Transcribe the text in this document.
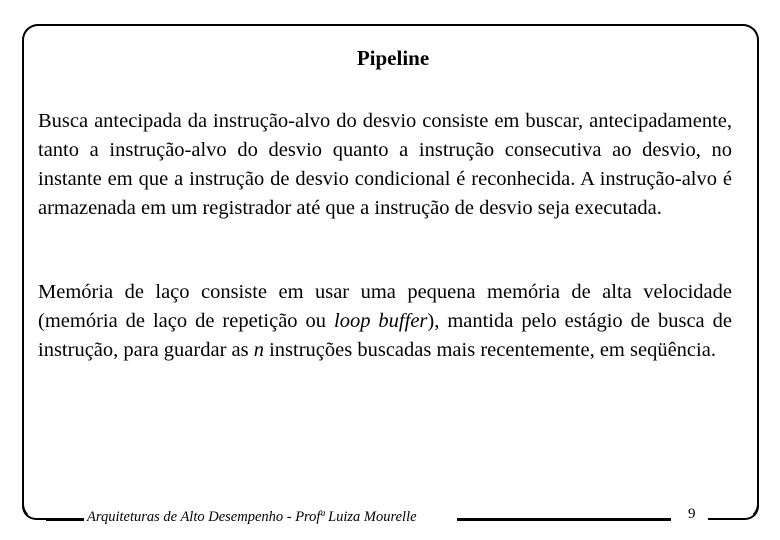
Pipeline

Busca antecipada da instrução-alvo do desvio consiste em buscar, antecipadamente, tanto a instrução-alvo do desvio quanto a instrução consecutiva ao desvio, no instante em que a instrução de desvio condicional é reconhecida. A instrução-alvo é armazenada em um registrador até que a instrução de desvio seja executada.

Memória de laço consiste em usar uma pequena memória de alta velocidade (memória de laço de repetição ou loop buffer), mantida pelo estágio de busca de instrução, para guardar as n instruções buscadas mais recentemente, em seqüência.

Arquiteturas de Alto Desempenho - Profª Luiza Mourelle	9
